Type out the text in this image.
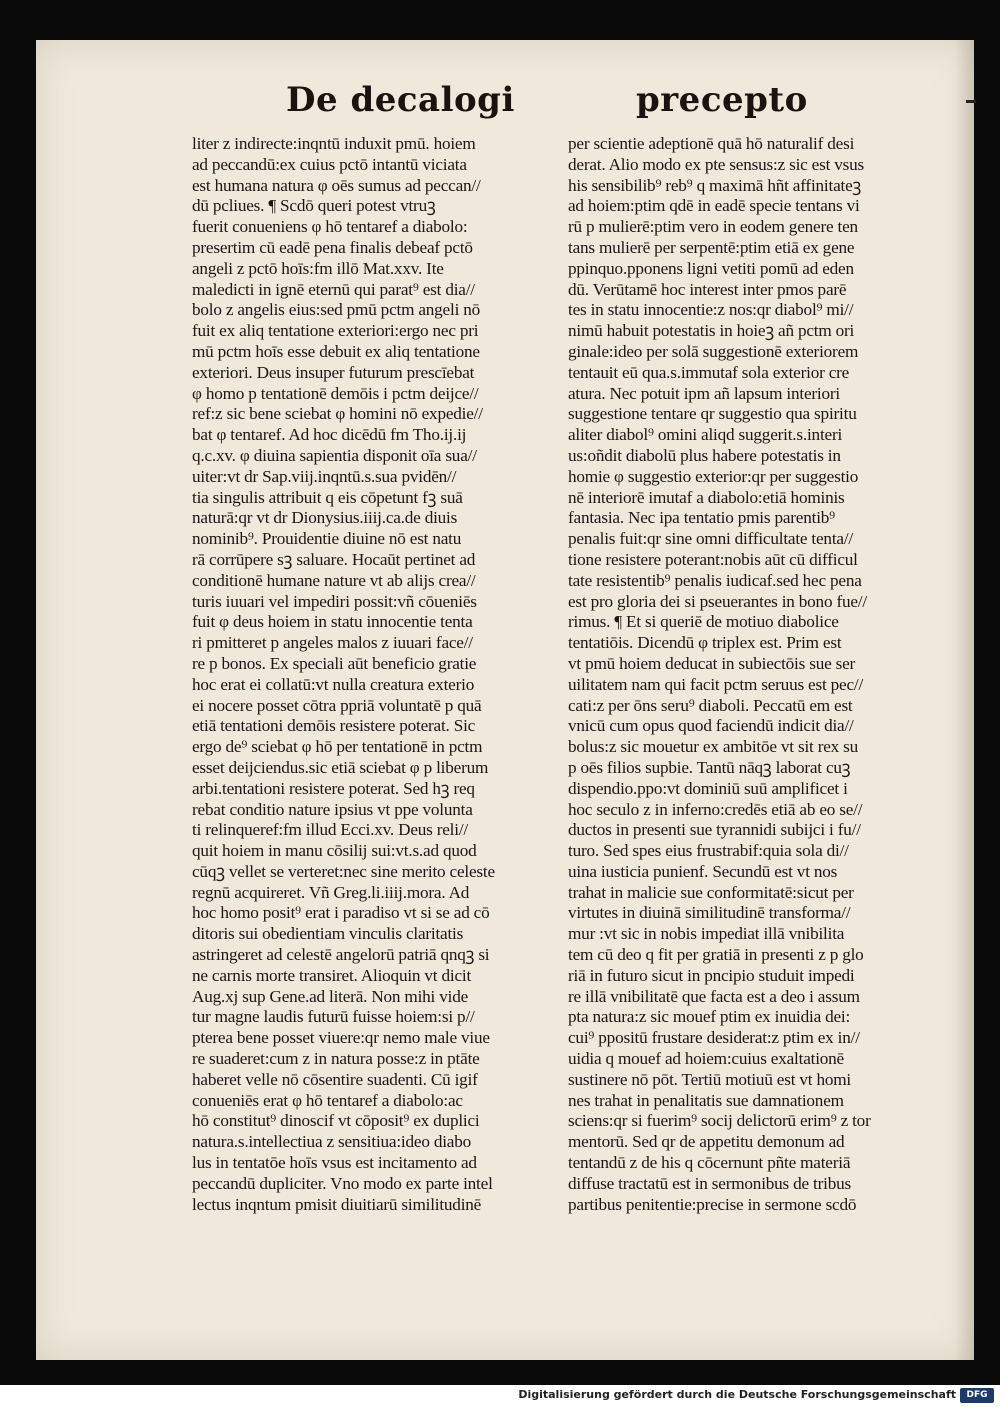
De decalogi	precepto
liter z indirecte:inqntū induxit pmū. hoiem
ad peccandū:ex cuius pctō intantū viciata
est humana natura φ oēs sumus ad peccan//
dū pcliues. ¶ Scdō queri potest vtruꝫ
fuerit conueniens φ hō tentaref a diabolo:
presertim cū eadē pena finalis debeaf pctō
angeli z pctō hoīs:fm illō Mat.xxv. Ite
maledicti in ignē eternū qui parat⁹ est dia//
bolo z angelis eius:sed pmū pctm angeli nō
fuit ex aliq tentatione exteriori:ergo nec pri
mū pctm hoīs esse debuit ex aliq tentatione
exteriori. Deus insuper futurum prescīebat
φ homo p tentationē demōis i pctm deijce//
ref:z sic bene sciebat φ homini nō expedie//
bat φ tentaref. Ad hoc dicēdū fm Tho.ij.ij
q.c.xv. φ diuina sapientia disponit oīa sua//
uiter:vt dr Sap.viij.inqntū.s.sua pvidēn//
tia singulis attribuit q eis cōpetunt fꝫ suā
naturā:qr vt dr Dionysius.iiij.ca.de diuis
nominib⁹. Prouidentie diuine nō est natu
rā corrūpere sꝫ saluare. Hocaūt pertinet ad
conditionē humane nature vt ab alijs crea//
turis iuuari vel impediri possit:vñ cōueniēs
fuit φ deus hoiem in statu innocentie tenta
ri pmitteret p angeles malos z iuuari face//
re p bonos. Ex speciali aūt beneficio gratie
hoc erat ei collatū:vt nulla creatura exterio
ei nocere posset cōtra ppriā voluntatē p quā
etiā tentationi demōis resistere poterat. Sic
ergo de⁹ sciebat φ hō per tentationē in pctm
esset deijciendus.sic etiā sciebat φ p liberum
arbi.tentationi resistere poterat. Sed hꝫ req
rebat conditio nature ipsius vt ppe volunta
ti relinqueref:fm illud Ecci.xv. Deus reli//
quit hoiem in manu cōsilij sui:vt.s.ad quod
cūqꝫ vellet se verteret:nec sine merito celeste
regnū acquireret. Vñ Greg.li.iiij.mora. Ad
hoc homo posit⁹ erat i paradiso vt si se ad cō
ditoris sui obedientiam vinculis claritatis
astringeret ad celestē angelorū patriā qnqꝫ si
ne carnis morte transiret. Alioquin vt dicit
Aug.xj sup Gene.ad literā. Non mihi vide
tur magne laudis futurū fuisse hoiem:si p//
pterea bene posset viuere:qr nemo male viue
re suaderet:cum z in natura posse:z in ptāte
haberet velle nō cōsentire suadenti. Cū igif
conueniēs erat φ hō tentaref a diabolo:ac
hō constitut⁹ dinoscif vt cōposit⁹ ex duplici
natura.s.intellectiua z sensitiua:ideo diabo
lus in tentatōe hoīs vsus est incitamento ad
peccandū dupliciter. Vno modo ex parte intel
lectus inqntum pmisit diuitiarū similitudinē
per scientie adeptionē quā hō naturalif desi
derat. Alio modo ex pte sensus:z sic est vsus
his sensibilib⁹ reb⁹ q maximā hñt affinitateꝫ
ad hoiem:ptim qdē in eadē specie tentans vi
rū p mulierē:ptim vero in eodem genere ten
tans mulierē per serpentē:ptim etiā ex gene
ppinquo.pponens ligni vetiti pomū ad eden
dū. Verūtamē hoc interest inter pmos parē
tes in statu innocentie:z nos:qr diabol⁹ mi//
nimū habuit potestatis in hoieꝫ añ pctm ori
ginale:ideo per solā suggestionē exteriorem
tentauit eū qua.s.immutaf sola exterior cre
atura. Nec potuit ipm añ lapsum interiori
suggestione tentare qr suggestio qua spiritu
aliter diabol⁹ omini aliqd suggerit.s.interi
us:oñdit diabolū plus habere potestatis in
homie φ suggestio exterior:qr per suggestio
nē interiorē imutaf a diabolo:etiā hominis
fantasia. Nec ipa tentatio pmis parentib⁹
penalis fuit:qr sine omni difficultate tenta//
tione resistere poterant:nobis aūt cū difficul
tate resistentib⁹ penalis iudicaf.sed hec pena
est pro gloria dei si pseuerantes in bono fue//
rimus. ¶ Et si queriē de motiuo diabolice
tentatiōis. Dicendū φ triplex est. Prim est
vt pmū hoiem deducat in subiectōis sue ser
uilitatem nam qui facit pctm seruus est pec//
cati:z per ōns seru⁹ diaboli. Peccatū em est
vnicū cum opus quod faciendū indicit dia//
bolus:z sic mouetur ex ambitōe vt sit rex su
p oēs filios supbie. Tantū nāqꝫ laborat cuꝫ
dispendio.ppo:vt dominiū suū amplificet i
hoc seculo z in inferno:credēs etiā ab eo se//
ductos in presenti sue tyrannidi subijci i fu//
turo. Sed spes eius frustrabif:quia sola di//
uina iusticia punienf. Secundū est vt nos
trahat in malicie sue conformitatē:sicut per
virtutes in diuinā similitudinē transforma//
mur :vt sic in nobis impediat illā vnibilita
tem cū deo q fit per gratiā in presenti z p glo
riā in futuro sicut in pncipio studuit impedi
re illā vnibilitatē que facta est a deo i assum
pta natura:z sic mouef ptim ex inuidia dei:
cui⁹ ppositū frustare desiderat:z ptim ex in//
uidia q mouef ad hoiem:cuius exaltationē
sustinere nō pōt. Tertiū motiuū est vt homi
nes trahat in penalitatis sue damnationem
sciens:qr si fuerim⁹ socij delictorū erim⁹ z tor
mentorū. Sed qr de appetitu demonum ad
tentandū z de his q cōcernunt pñte materiā
diffuse tractatū est in sermonibus de tribus
partibus penitentie:precise in sermone scdō
Digitalisierung gefördert durch die Deutsche Forschungsgemeinschaft	DFG
